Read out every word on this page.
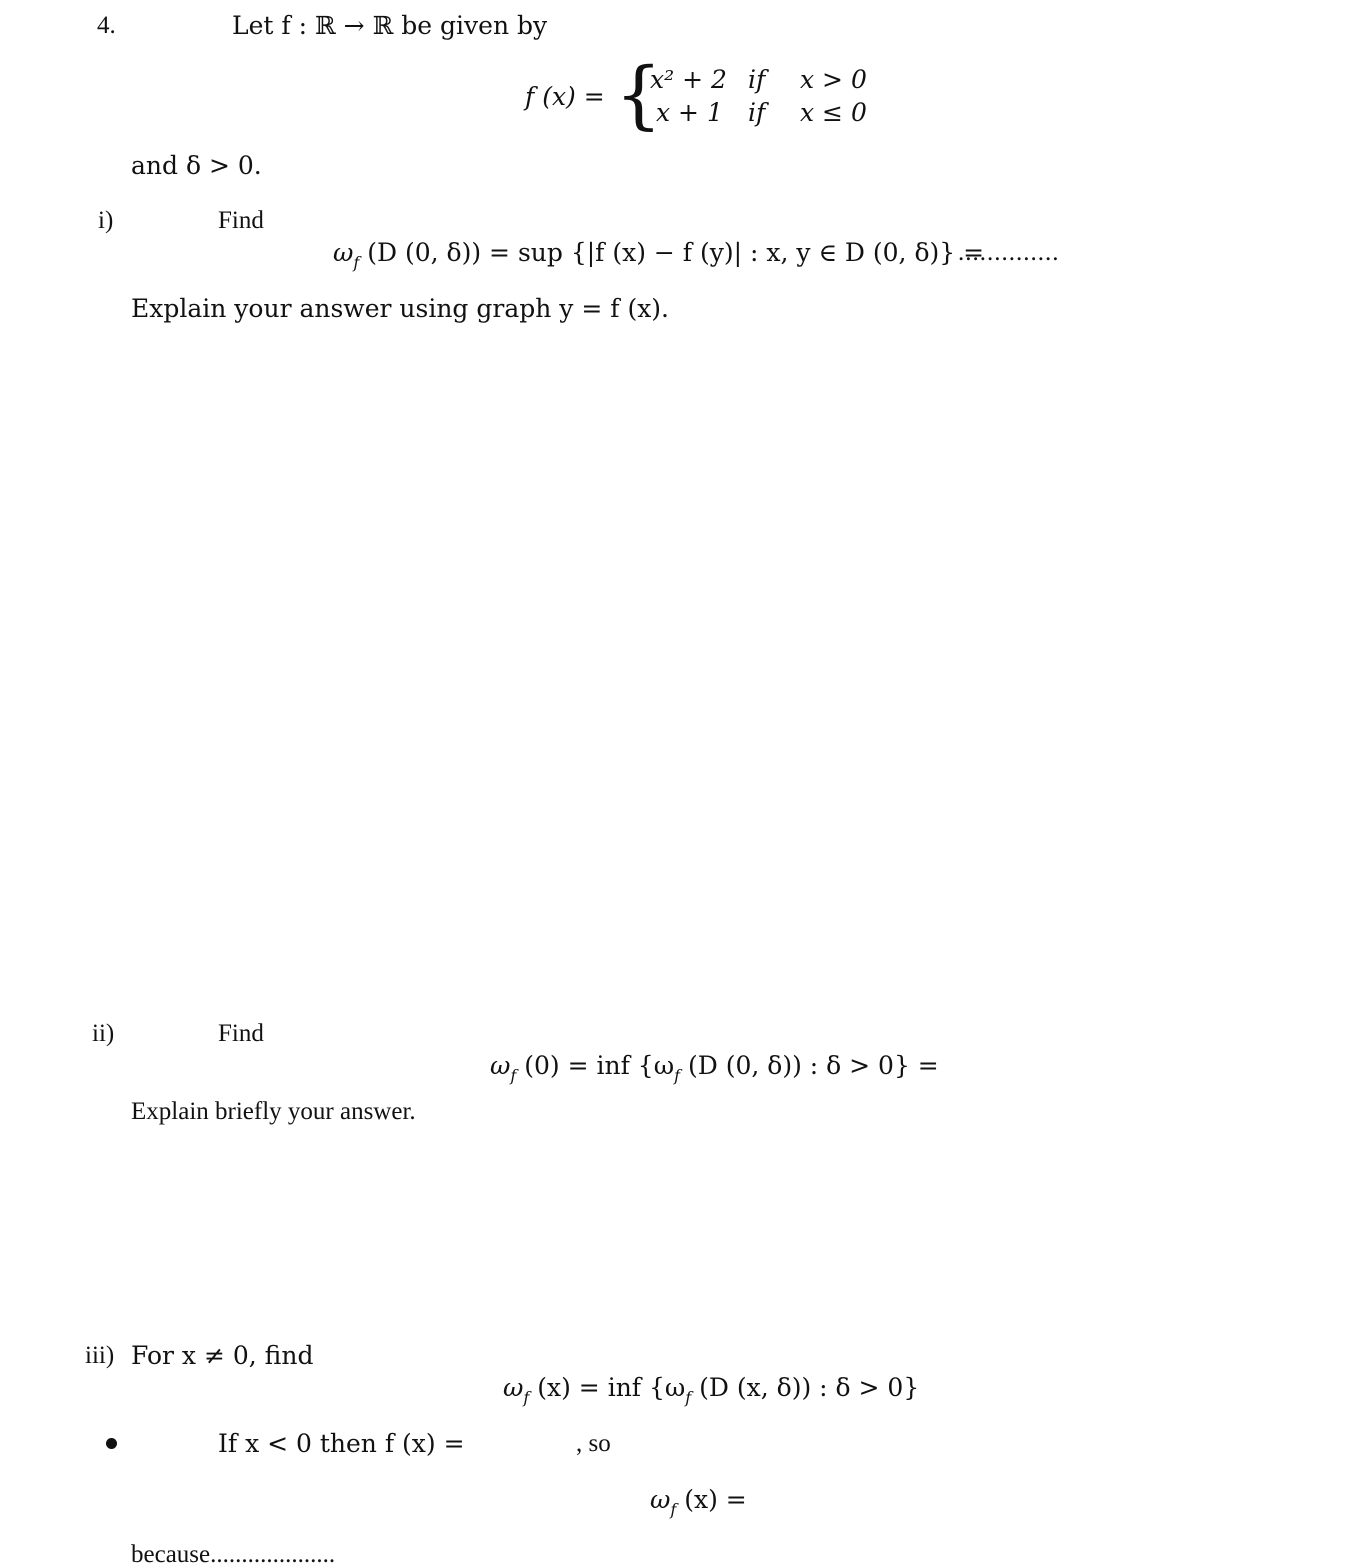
4.	Let f : ℝ → ℝ be given by
f (x) = {
x² + 2 if x > 0
x + 1 if x ≤ 0
and δ > 0.
i)	Find
$\omega_f$ (D (0, δ)) = sup {|f (x) − f (y)| : x, y ∈ D (0, δ)} =
..............
Explain your answer using graph y = f (x).
ii)	Find
$\omega_f$ (0) = inf {$\omega_f$ (D (0, δ)) : δ > 0} =
Explain briefly your answer.
iii) For x ≠ 0, find
$\omega_f$ (x) = inf {$\omega_f$ (D (x, δ)) : δ > 0}
If x < 0 then f (x) =	, so
$\omega_f$ (x) =
because....................
